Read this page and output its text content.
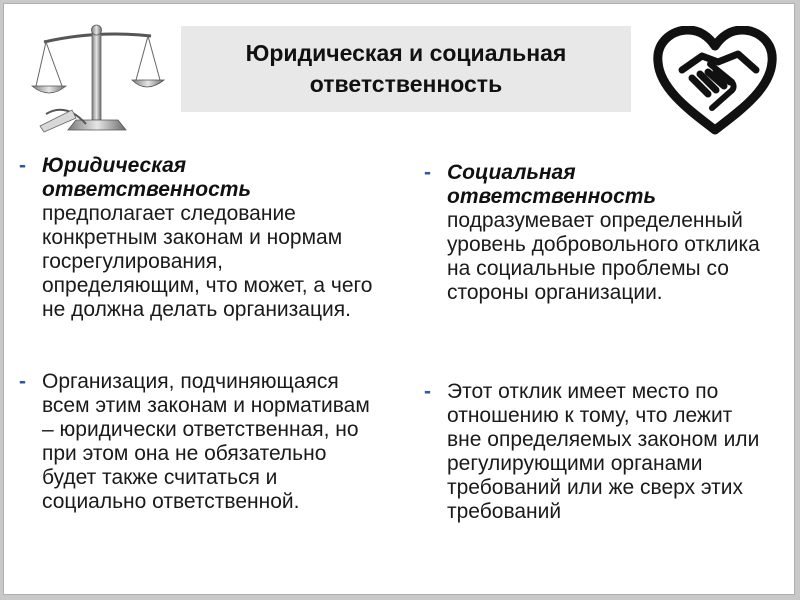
Юридическая и социальная
ответственность
- Юридическая
ответственность
предполагает следование
конкретным законам и нормам
госрегулирования,
определяющим, что может, а чего
не должна делать организация.
- Организация, подчиняющаяся
всем этим законам и нормативам
– юридически ответственная, но
при этом она не обязательно
будет также считаться и
социально ответственной.
- Социальная
ответственность
подразумевает определенный
уровень добровольного отклика
на социальные проблемы со
стороны организации.
- Этот отклик имеет место по
отношению к тому, что лежит
вне определяемых законом или
регулирующими органами
требований или же сверх этих
требований
